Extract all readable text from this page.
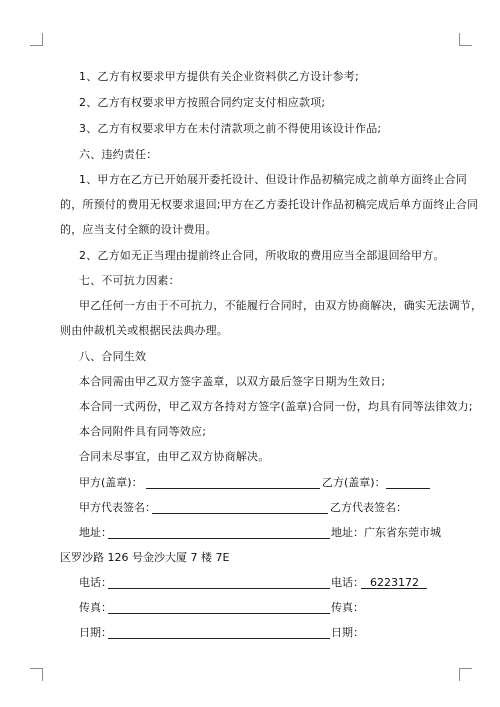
1、乙方有权要求甲方提供有关企业资料供乙方设计参考;
2、乙方有权要求甲方按照合同约定支付相应款项;
3、乙方有权要求甲方在未付清款项之前不得使用该设计作品;
六、违约责任：
1、甲方在乙方已开始展开委托设计、但设计作品初稿完成之前单方面终止合同
的，所预付的费用无权要求退回;甲方在乙方委托设计作品初稿完成后单方面终止合同
的，应当支付全额的设计费用。
2、乙方如无正当理由提前终止合同，所收取的费用应当全部退回给甲方。
七、不可抗力因素：
甲乙任何一方由于不可抗力，不能履行合同时，由双方协商解决，确实无法调节，
则由仲裁机关或根据民法典办理。
八、合同生效
本合同需由甲乙双方签字盖章，以双方最后签字日期为生效日;
本合同一式两份，甲乙双方各持对方签字(盖章)合同一份，均具有同等法律效力;
本合同附件具有同等效应;
合同未尽事宜，由甲乙双方协商解决。
甲方(盖章)：	乙方(盖章)：
甲方代表签名：	乙方代表签名：
地址：	地址：广东省东莞市城
区罗沙路 126 号金沙大厦 7 楼 7E
电话：	电话： 6223172
传真：	传真：
日期：	日期：
